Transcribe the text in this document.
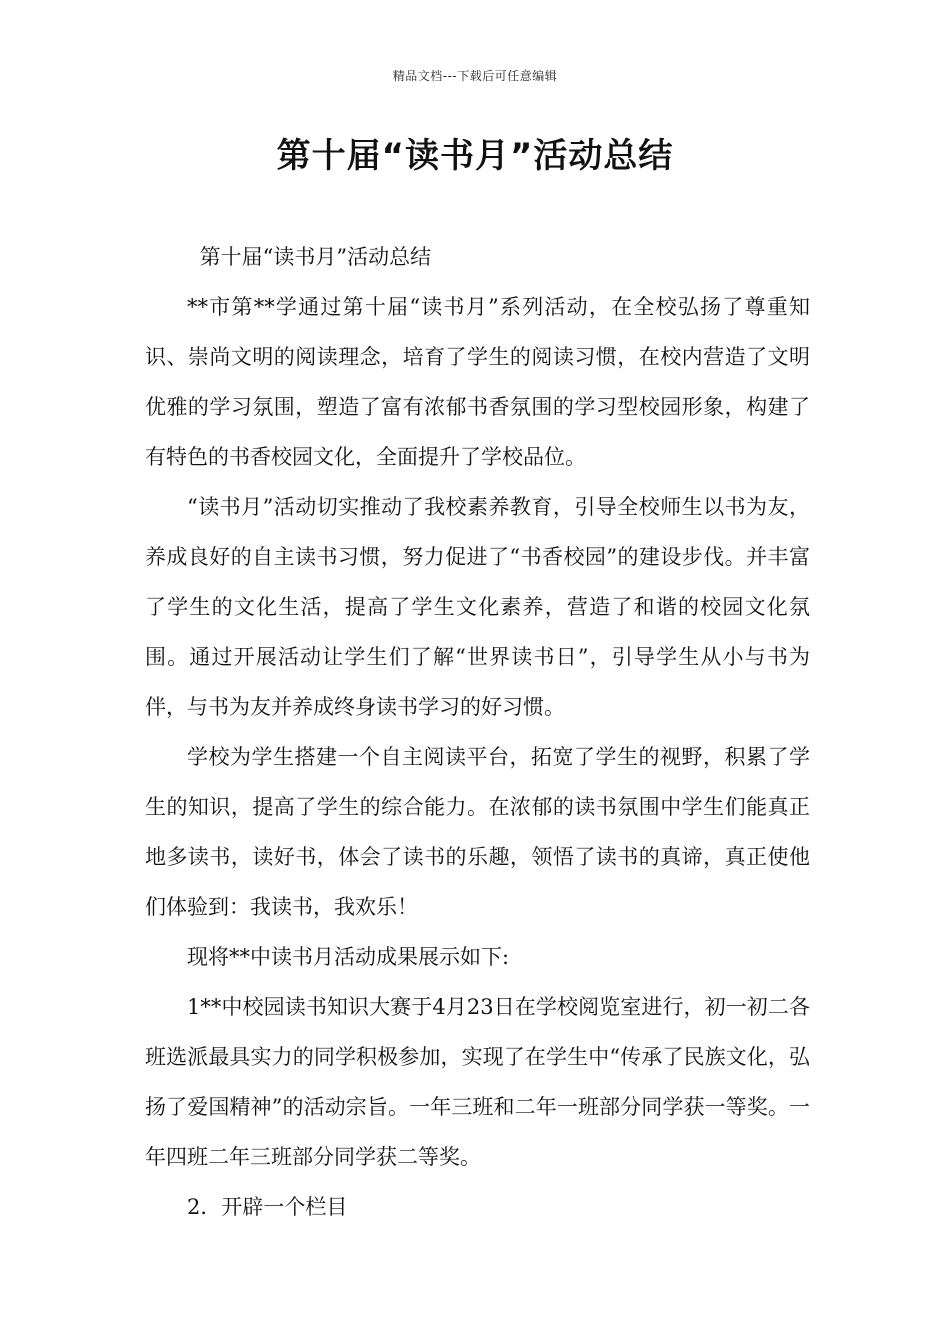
精品文档---下载后可任意编辑
第十届“读书月”活动总结

第十届“读书月”活动总结

**市第**学通过第十届“读书月”系列活动，在全校弘扬了尊重知识、崇尚文明的阅读理念，培育了学生的阅读习惯，在校内营造了文明优雅的学习氛围，塑造了富有浓郁书香氛围的学习型校园形象，构建了有特色的书香校园文化，全面提升了学校品位。

“读书月”活动切实推动了我校素养教育，引导全校师生以书为友，养成良好的自主读书习惯，努力促进了“书香校园”的建设步伐。并丰富了学生的文化生活，提高了学生文化素养，营造了和谐的校园文化氛围。通过开展活动让学生们了解“世界读书日”，引导学生从小与书为伴，与书为友并养成终身读书学习的好习惯。

学校为学生搭建一个自主阅读平台，拓宽了学生的视野，积累了学生的知识，提高了学生的综合能力。在浓郁的读书氛围中学生们能真正地多读书，读好书，体会了读书的乐趣，领悟了读书的真谛，真正使他们体验到：我读书，我欢乐！

现将**中读书月活动成果展示如下:

1**中校园读书知识大赛于4月23日在学校阅览室进行，初一初二各班选派最具实力的同学积极参加，实现了在学生中“传承了民族文化，弘扬了爱国精神”的活动宗旨。一年三班和二年一班部分同学获一等奖。一年四班二年三班部分同学获二等奖。

2．开辟一个栏目
